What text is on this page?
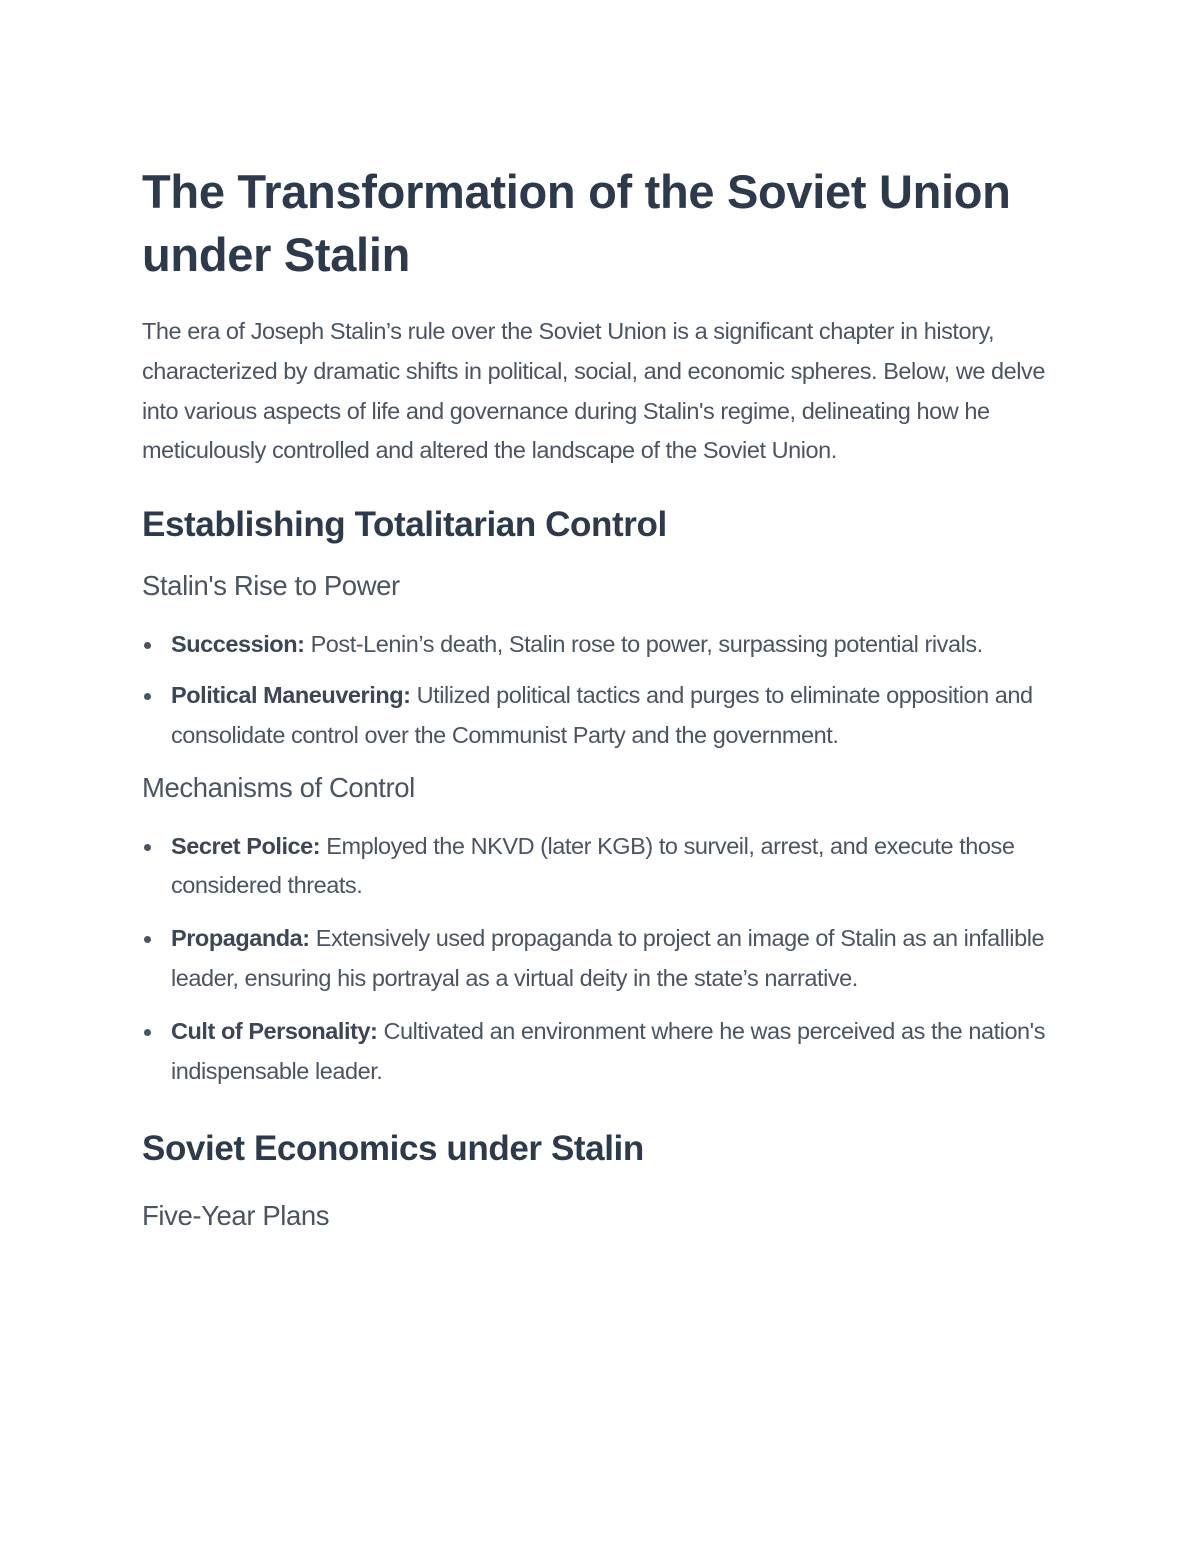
The Transformation of the Soviet Union under Stalin

The era of Joseph Stalin’s rule over the Soviet Union is a significant chapter in history, characterized by dramatic shifts in political, social, and economic spheres. Below, we delve into various aspects of life and governance during Stalin's regime, delineating how he meticulously controlled and altered the landscape of the Soviet Union.

Establishing Totalitarian Control
Stalin's Rise to Power
Succession: Post-Lenin’s death, Stalin rose to power, surpassing potential rivals.
Political Maneuvering: Utilized political tactics and purges to eliminate opposition and consolidate control over the Communist Party and the government.
Mechanisms of Control
Secret Police: Employed the NKVD (later KGB) to surveil, arrest, and execute those considered threats.
Propaganda: Extensively used propaganda to project an image of Stalin as an infallible leader, ensuring his portrayal as a virtual deity in the state’s narrative.
Cult of Personality: Cultivated an environment where he was perceived as the nation's indispensable leader.
Soviet Economics under Stalin
Five-Year Plans
